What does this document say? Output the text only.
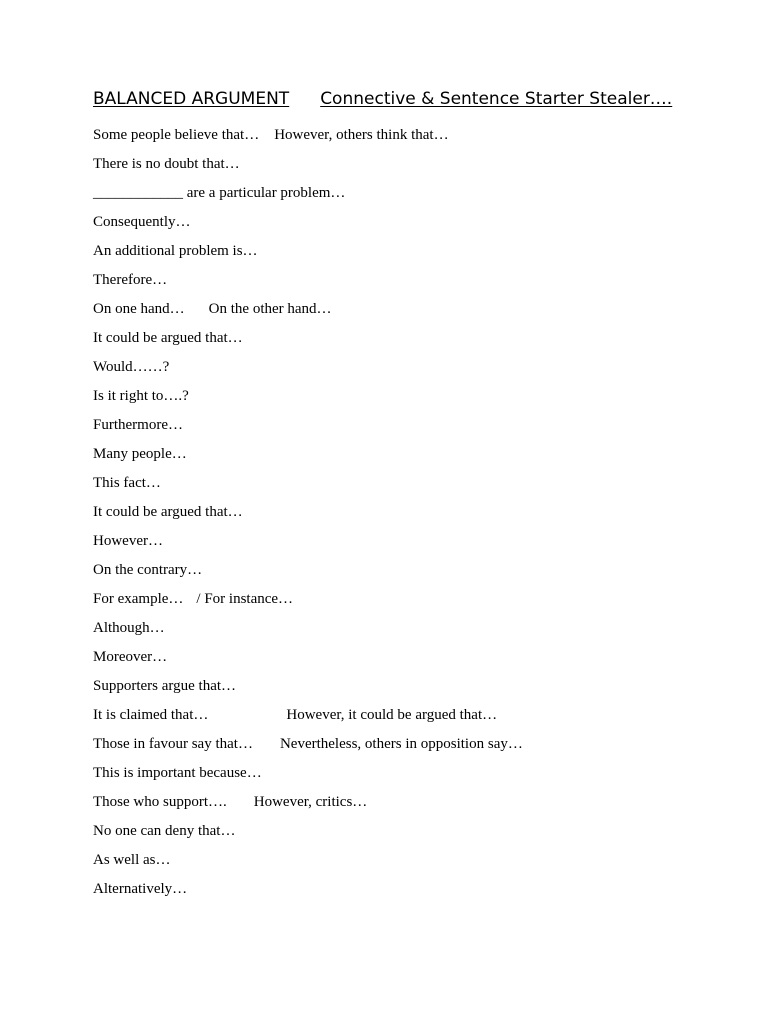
BALANCED ARGUMENT Connective & Sentence Starter Stealer….
Some people believe that… However, others think that…
There is no doubt that…
____________ are a particular problem…
Consequently…
An additional problem is…
Therefore…
On one hand… On the other hand…
It could be argued that…
Would……?
Is it right to….?
Furthermore…
Many people…
This fact…
It could be argued that…
However…
On the contrary…
For example… / For instance…
Although…
Moreover…
Supporters argue that…
It is claimed that…	However, it could be argued that…
Those in favour say that… Nevertheless, others in opposition say…
This is important because…
Those who support…. However, critics…
No one can deny that…
As well as…
Alternatively…
